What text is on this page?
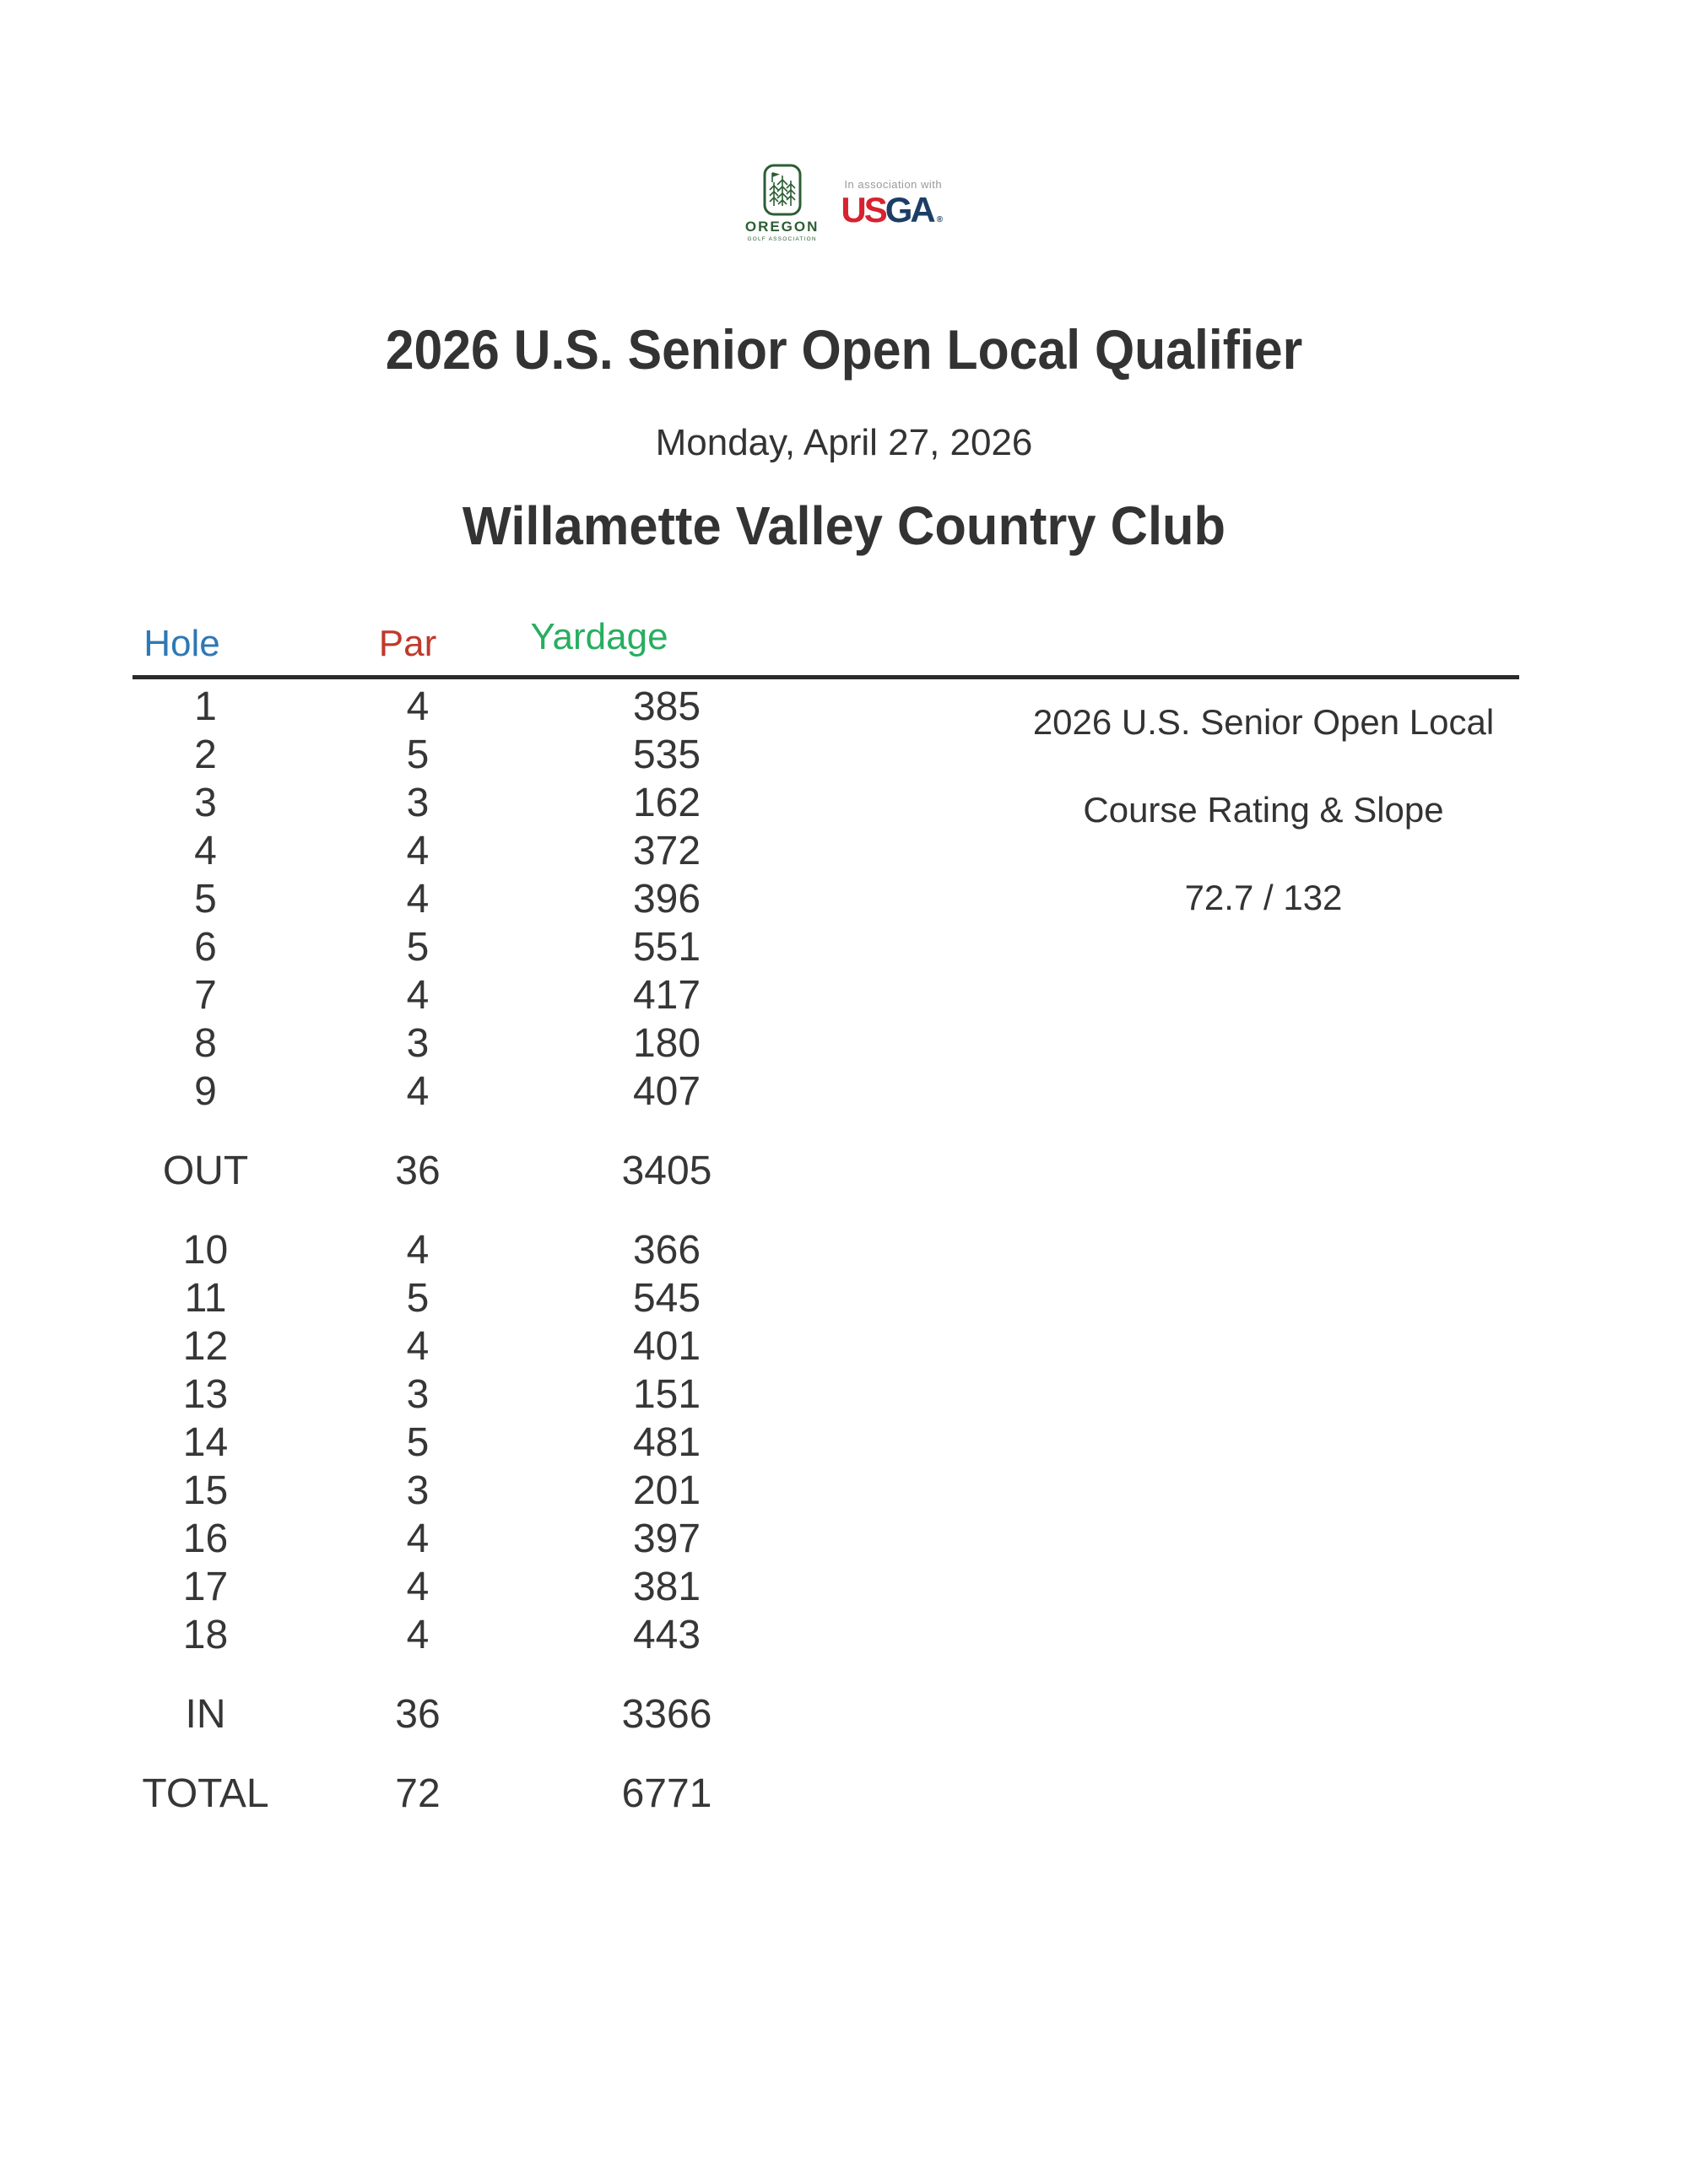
OREGON
GOLF ASSOCIATION
In association with
USGA ®
2026 U.S. Senior Open Local Qualifier
Monday, April 27, 2026
Willamette Valley Country Club
Hole	Par	Yardage
1	4	385
2	5	535
3	3	162
4	4	372
5	4	396
6	5	551
7	4	417
8	3	180
9	4	407
OUT	36	3405
10	4	366
11	5	545
12	4	401
13	3	151
14	5	481
15	3	201
16	4	397
17	4	381
18	4	443
IN	36	3366
TOTAL	72	6771
2026 U.S. Senior Open Local
Course Rating & Slope
72.7 / 132
